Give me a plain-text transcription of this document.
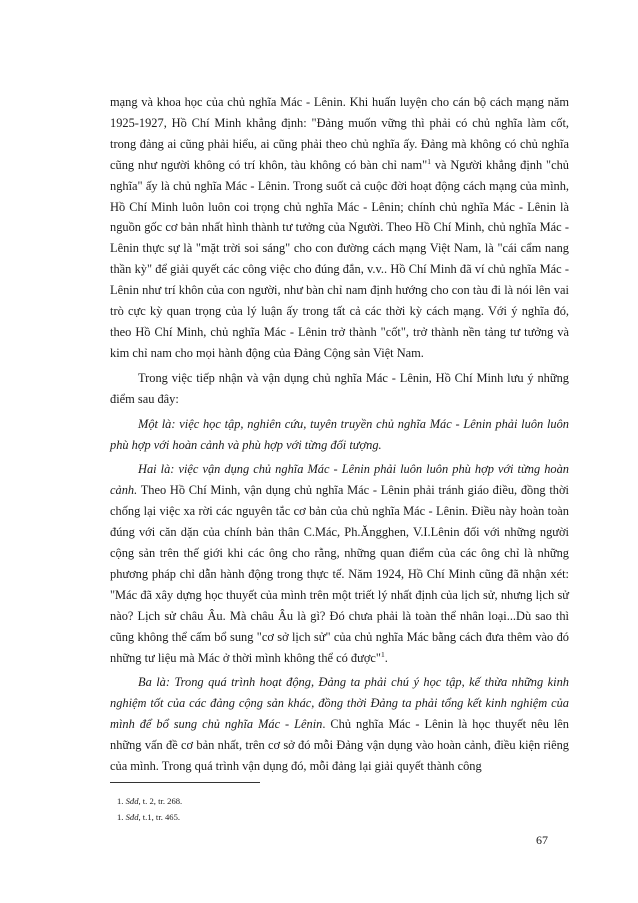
mạng và khoa học của chủ nghĩa Mác - Lênin. Khi huấn luyện cho cán bộ cách mạng năm 1925-1927, Hồ Chí Minh khẳng định: "Đảng muốn vững thì phải có chủ nghĩa làm cốt, trong đảng ai cũng phải hiểu, ai cũng phải theo chủ nghĩa ấy. Đảng mà không có chủ nghĩa cũng như người không có trí khôn, tàu không có bàn chỉ nam"$^1$ và Người khẳng định "chủ nghĩa" ấy là chủ nghĩa Mác - Lênin. Trong suốt cả cuộc đời hoạt động cách mạng của mình, Hồ Chí Minh luôn luôn coi trọng chủ nghĩa Mác - Lênin; chính chủ nghĩa Mác - Lênin là nguồn gốc cơ bản nhất hình thành tư tưởng của Người. Theo Hồ Chí Minh, chủ nghĩa Mác - Lênin thực sự là "mặt trời soi sáng" cho con đường cách mạng Việt Nam, là "cái cẩm nang thần kỳ" để giải quyết các công việc cho đúng đắn, v.v.. Hồ Chí Minh đã ví chủ nghĩa Mác - Lênin như trí khôn của con người, như bàn chỉ nam định hướng cho con tàu đi là nói lên vai trò cực kỳ quan trọng của lý luận ấy trong tất cả các thời kỳ cách mạng. Với ý nghĩa đó, theo Hồ Chí Minh, chủ nghĩa Mác - Lênin trở thành "cốt", trở thành nền tảng tư tưởng và kim chỉ nam cho mọi hành động của Đảng Cộng sản Việt Nam.

Trong việc tiếp nhận và vận dụng chủ nghĩa Mác - Lênin, Hồ Chí Minh lưu ý những điểm sau đây:

Một là: việc học tập, nghiên cứu, tuyên truyền chủ nghĩa Mác - Lênin phải luôn luôn phù hợp với hoàn cảnh và phù hợp với từng đối tượng.

Hai là: việc vận dụng chủ nghĩa Mác - Lênin phải luôn luôn phù hợp với từng hoàn cảnh. Theo Hồ Chí Minh, vận dụng chủ nghĩa Mác - Lênin phải tránh giáo điều, đồng thời chống lại việc xa rời các nguyên tắc cơ bản của chủ nghĩa Mác - Lênin. Điều này hoàn toàn đúng với căn dặn của chính bản thân C.Mác, Ph.Ăngghen, V.I.Lênin đối với những người cộng sản trên thế giới khi các ông cho rằng, những quan điểm của các ông chỉ là những phương pháp chỉ dẫn hành động trong thực tế. Năm 1924, Hồ Chí Minh cũng đã nhận xét: "Mác đã xây dựng học thuyết của mình trên một triết lý nhất định của lịch sử, nhưng lịch sử nào? Lịch sử châu Âu. Mà châu Âu là gì? Đó chưa phải là toàn thể nhân loại...Dù sao thì cũng không thể cấm bổ sung "cơ sở lịch sử" của chủ nghĩa Mác bằng cách đưa thêm vào đó những tư liệu mà Mác ở thời mình không thể có được"$^1$.

Ba là: Trong quá trình hoạt động, Đảng ta phải chú ý học tập, kế thừa những kinh nghiệm tốt của các đảng cộng sản khác, đồng thời Đảng ta phải tổng kết kinh nghiệm của mình để bổ sung chủ nghĩa Mác - Lênin. Chủ nghĩa Mác - Lênin là học thuyết nêu lên những vấn đề cơ bản nhất, trên cơ sở đó mỗi Đảng vận dụng vào hoàn cảnh, điều kiện riêng của mình. Trong quá trình vận dụng đó, mỗi đảng lại giải quyết thành công

1. Sđd, t. 2, tr. 268.
1. Sđd, t.1, tr. 465.
67
